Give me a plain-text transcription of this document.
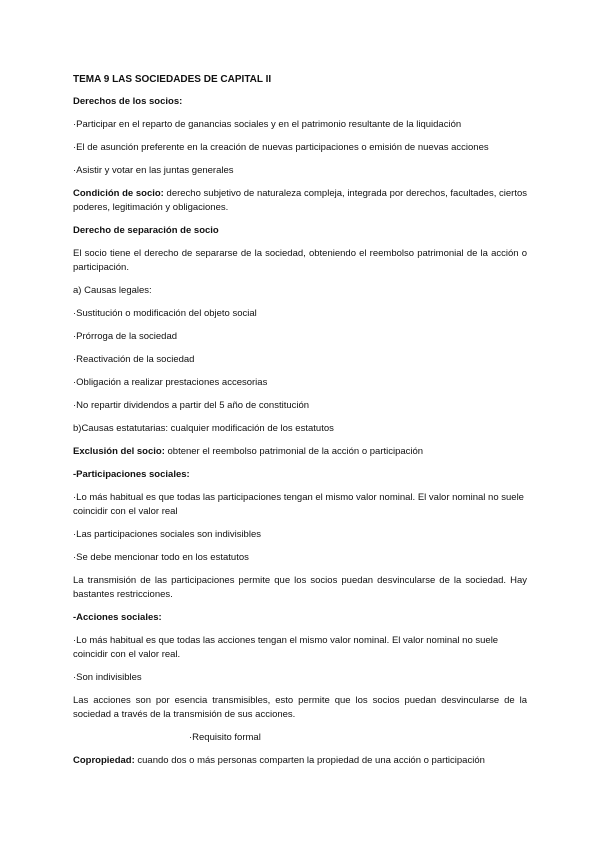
TEMA 9 LAS SOCIEDADES DE CAPITAL II

Derechos de los socios:

·Participar en el reparto de ganancias sociales y en el patrimonio resultante de la liquidación

·El de asunción preferente en la creación de nuevas participaciones o emisión de nuevas acciones

·Asistir y votar en las juntas generales

Condición de socio: derecho subjetivo de naturaleza compleja, integrada por derechos, facultades, ciertos poderes, legitimación y obligaciones.

Derecho de separación de socio

El socio tiene el derecho de separarse de la sociedad, obteniendo el reembolso patrimonial de la acción o participación.

a) Causas legales:

·Sustitución o modificación del objeto social

·Prórroga de la sociedad

·Reactivación de la sociedad

·Obligación a realizar prestaciones accesorias

·No repartir dividendos a partir del 5 año de constitución

b)Causas estatutarias: cualquier modificación de los estatutos

Exclusión del socio: obtener el reembolso patrimonial de la acción o participación

-Participaciones sociales:

·Lo más habitual es que todas las participaciones tengan el mismo valor nominal. El valor nominal no suele coincidir con el valor real

·Las participaciones sociales son indivisibles

·Se debe mencionar todo en los estatutos

La transmisión de las participaciones permite que los socios puedan desvincularse de la sociedad. Hay bastantes restricciones.

-Acciones sociales:

·Lo más habitual es que todas las acciones tengan el mismo valor nominal. El valor nominal no suele coincidir con el valor real.

·Son indivisibles

Las acciones son por esencia transmisibles, esto permite que los socios puedan desvincularse de la sociedad a través de la transmisión de sus acciones.

·Requisito formal

Copropiedad: cuando dos o más personas comparten la propiedad de una acción o participación
